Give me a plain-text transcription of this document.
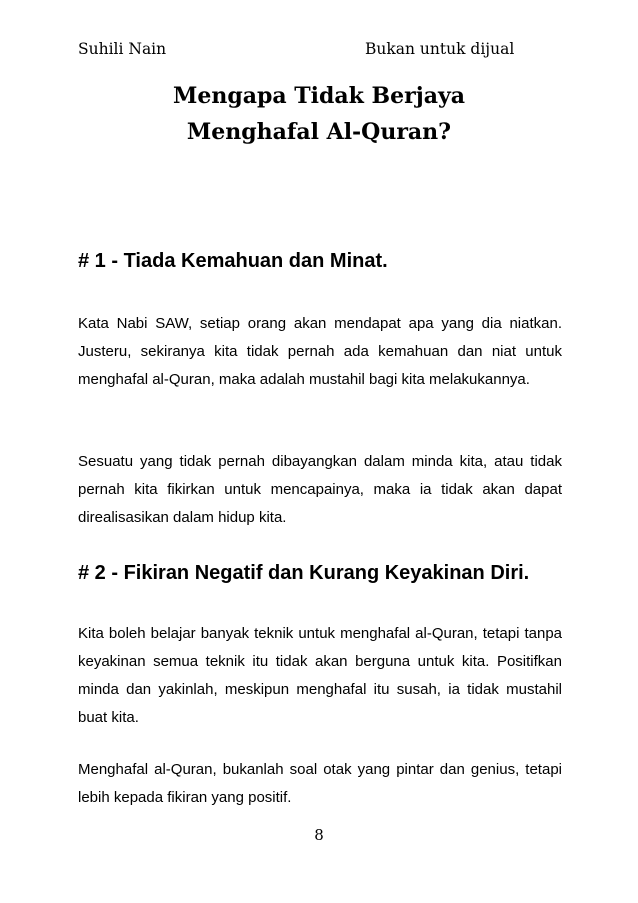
Suhili Nain	Bukan untuk dijual
Mengapa Tidak Berjaya
Menghafal Al-Quran?
# 1 - Tiada Kemahuan dan Minat.
Kata Nabi SAW, setiap orang akan mendapat apa yang dia niatkan. Justeru, sekiranya kita tidak pernah ada kemahuan dan niat untuk menghafal al-Quran, maka adalah mustahil bagi kita melakukannya.
Sesuatu yang tidak pernah dibayangkan dalam minda kita, atau tidak pernah kita fikirkan untuk mencapainya, maka ia tidak akan dapat direalisasikan dalam hidup kita.
# 2 - Fikiran Negatif dan Kurang Keyakinan Diri.
Kita boleh belajar banyak teknik untuk menghafal al-Quran, tetapi tanpa keyakinan semua teknik itu tidak akan berguna untuk kita. Positifkan minda dan yakinlah, meskipun menghafal itu susah, ia tidak mustahil buat kita.
Menghafal al-Quran, bukanlah soal otak yang pintar dan genius, tetapi lebih kepada fikiran yang positif.
8
